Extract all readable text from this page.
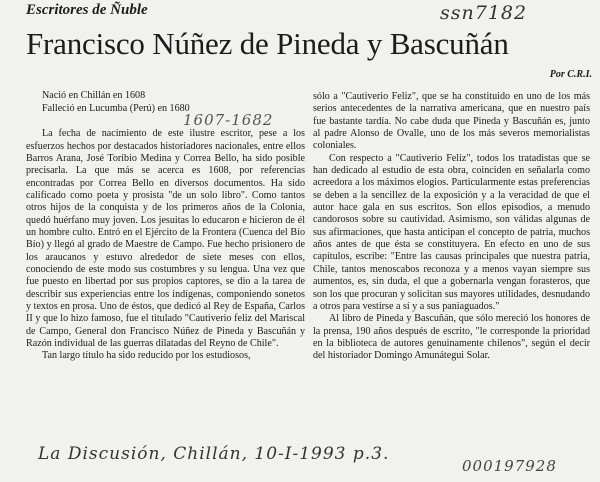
Escritores de Ñuble	ssn7182
Francisco Núñez de Pineda y Bascuñán
Por C.R.I.
Nació en Chillán en 1608
Falleció en Lucumba (Perú) en 1680

La fecha de nacimiento de este ilustre escritor, pese a los esfuerzos hechos por destacados historiadores nacionales, entre ellos Barros Arana, José Toribio Medina y Correa Bello, ha sido posible precisarla. La que más se acerca es 1608, por referencias encontradas por Correa Bello en diversos documentos. Ha sido calificado como poeta y prosista "de un solo libro". Como tantos otros hijos de la conquista y de los primeros años de la Colonia, quedó huérfano muy joven. Los jesuitas lo educaron e hicieron de él un hombre culto. Entró en el Ejército de la Frontera (Cuenca del Bío Bío) y llegó al grado de Maestre de Campo. Fue hecho prisionero de los araucanos y estuvo alrededor de siete meses con ellos, conociendo de este modo sus costumbres y su lengua. Una vez que fue puesto en libertad por sus propios captores, se dio a la tarea de describir sus experiencias entre los indígenas, componiendo sonetos y textos en prosa. Uno de éstos, que dedicó al Rey de España, Carlos II y que lo hizo famoso, fue el titulado "Cautiverio feliz del Mariscal de Campo, General don Francisco Núñez de Pineda y Bascuñán y Razón individual de las guerras dilatadas del Reyno de Chile".

Tan largo título ha sido reducido por los estudiosos,

1607-1682

sólo a "Cautiverio Feliz", que se ha constituido en uno de los más serios antecedentes de la narrativa americana, que en nuestro país fue bastante tardía. No cabe duda que Pineda y Bascuñán es, junto al padre Alonso de Ovalle, uno de los más severos memorialistas coloniales.

Con respecto a "Cautiverio Feliz", todos los tratadistas que se han dedicado al estudio de esta obra, coinciden en señalarla como acreedora a los máximos elogios. Particularmente estas preferencias se deben a la sencillez de la exposición y a la veracidad de que el autor hace gala en sus escritos. Son ellos episodios, a menudo candorosos sobre su cautividad. Asimismo, son válidas algunas de sus afirmaciones, que hasta anticipan el concepto de patria, muchos años antes de que ésta se constituyera. En efecto en uno de sus capítulos, escribe: "Entre las causas principales que nuestra patria, Chile, tantos menoscabos reconoza y a menos vayan siempre sus aumentos, es, sin duda, el que a gobernarla vengan forasteros, que son los que procuran y solicitan sus mayores utilidades, desnudando a otros para vestirse a sí y a sus paniaguados."

Al libro de Pineda y Bascuñán, que sólo mereció los honores de la prensa, 190 años después de escrito, "le corresponde la prioridad en la biblioteca de autores genuinamente chilenos", según el decir del historiador Domingo Amunátegui Solar.

La Discusión, Chillán, 10-I-1993 p.3.
000197928
